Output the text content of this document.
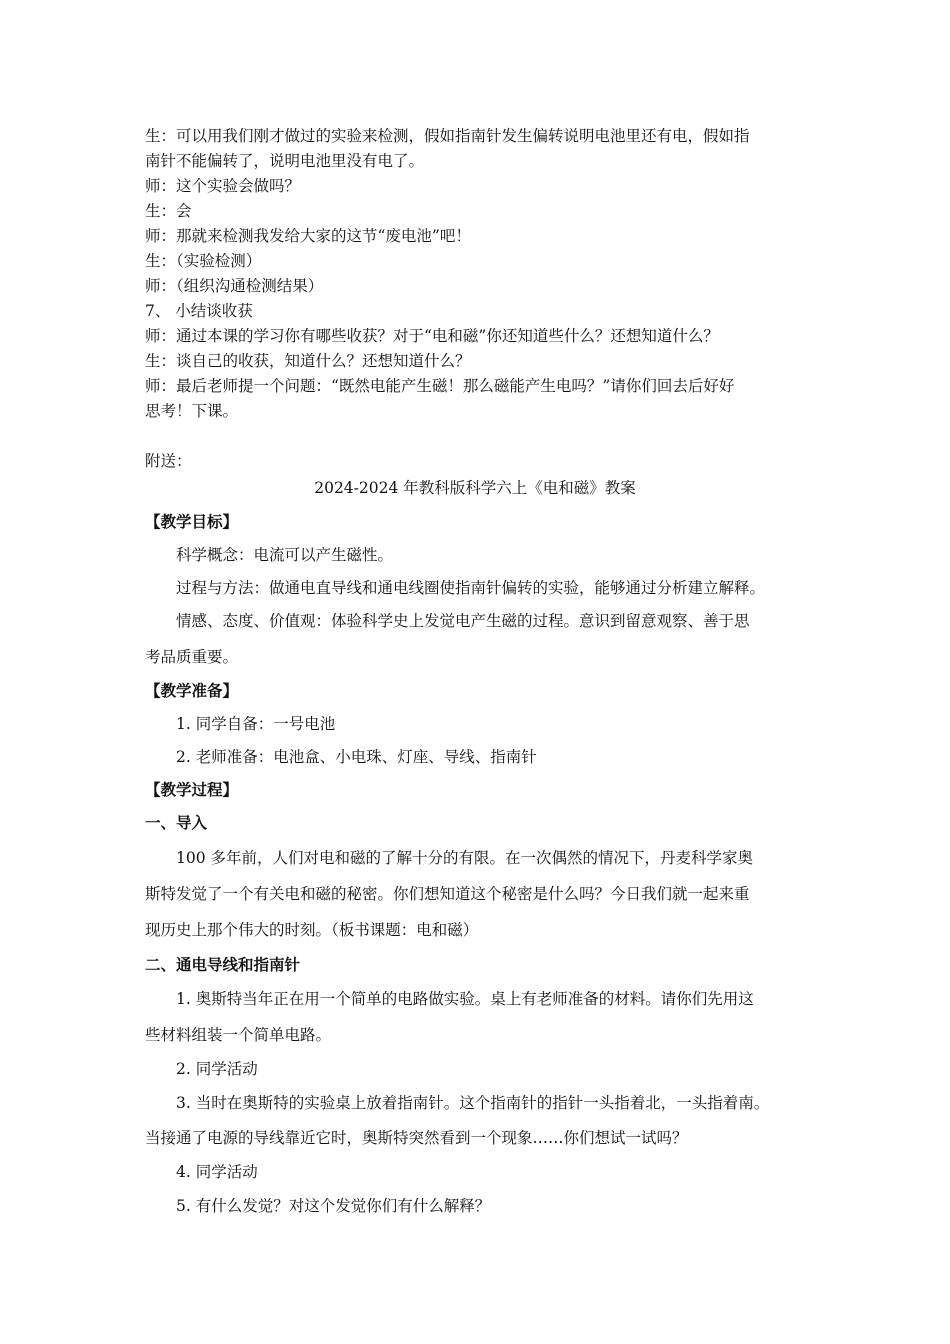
生：可以用我们刚才做过的实验来检测，假如指南针发生偏转说明电池里还有电，假如指
南针不能偏转了，说明电池里没有电了。
师：这个实验会做吗？
生：会
师：那就来检测我发给大家的这节“废电池”吧！
生：（实验检测）
师：（组织沟通检测结果）
7、 小结谈收获
师：通过本课的学习你有哪些收获？对于“电和磁”你还知道些什么？还想知道什么？
生：谈自己的收获，知道什么？还想知道什么？
师：最后老师提一个问题：“既然电能产生磁！那么磁能产生电吗？”请你们回去后好好
思考！下课。
附送：
2024-2024 年教科版科学六上《电和磁》教案
【教学目标】
科学概念：电流可以产生磁性。
过程与方法：做通电直导线和通电线圈使指南针偏转的实验，能够通过分析建立解释。
情感、态度、价值观：体验科学史上发觉电产生磁的过程。意识到留意观察、善于思
考品质重要。
【教学准备】
1. 同学自备：一号电池
2. 老师准备：电池盒、小电珠、灯座、导线、指南针
【教学过程】
一、导入
100 多年前，人们对电和磁的了解十分的有限。在一次偶然的情况下，丹麦科学家奥
斯特发觉了一个有关电和磁的秘密。你们想知道这个秘密是什么吗？今日我们就一起来重
现历史上那个伟大的时刻。（板书课题：电和磁）
二、通电导线和指南针
1. 奥斯特当年正在用一个简单的电路做实验。桌上有老师准备的材料。请你们先用这
些材料组装一个简单电路。
2. 同学活动
3. 当时在奥斯特的实验桌上放着指南针。这个指南针的指针一头指着北，一头指着南。
当接通了电源的导线靠近它时，奥斯特突然看到一个现象……你们想试一试吗？
4. 同学活动
5. 有什么发觉？对这个发觉你们有什么解释？
